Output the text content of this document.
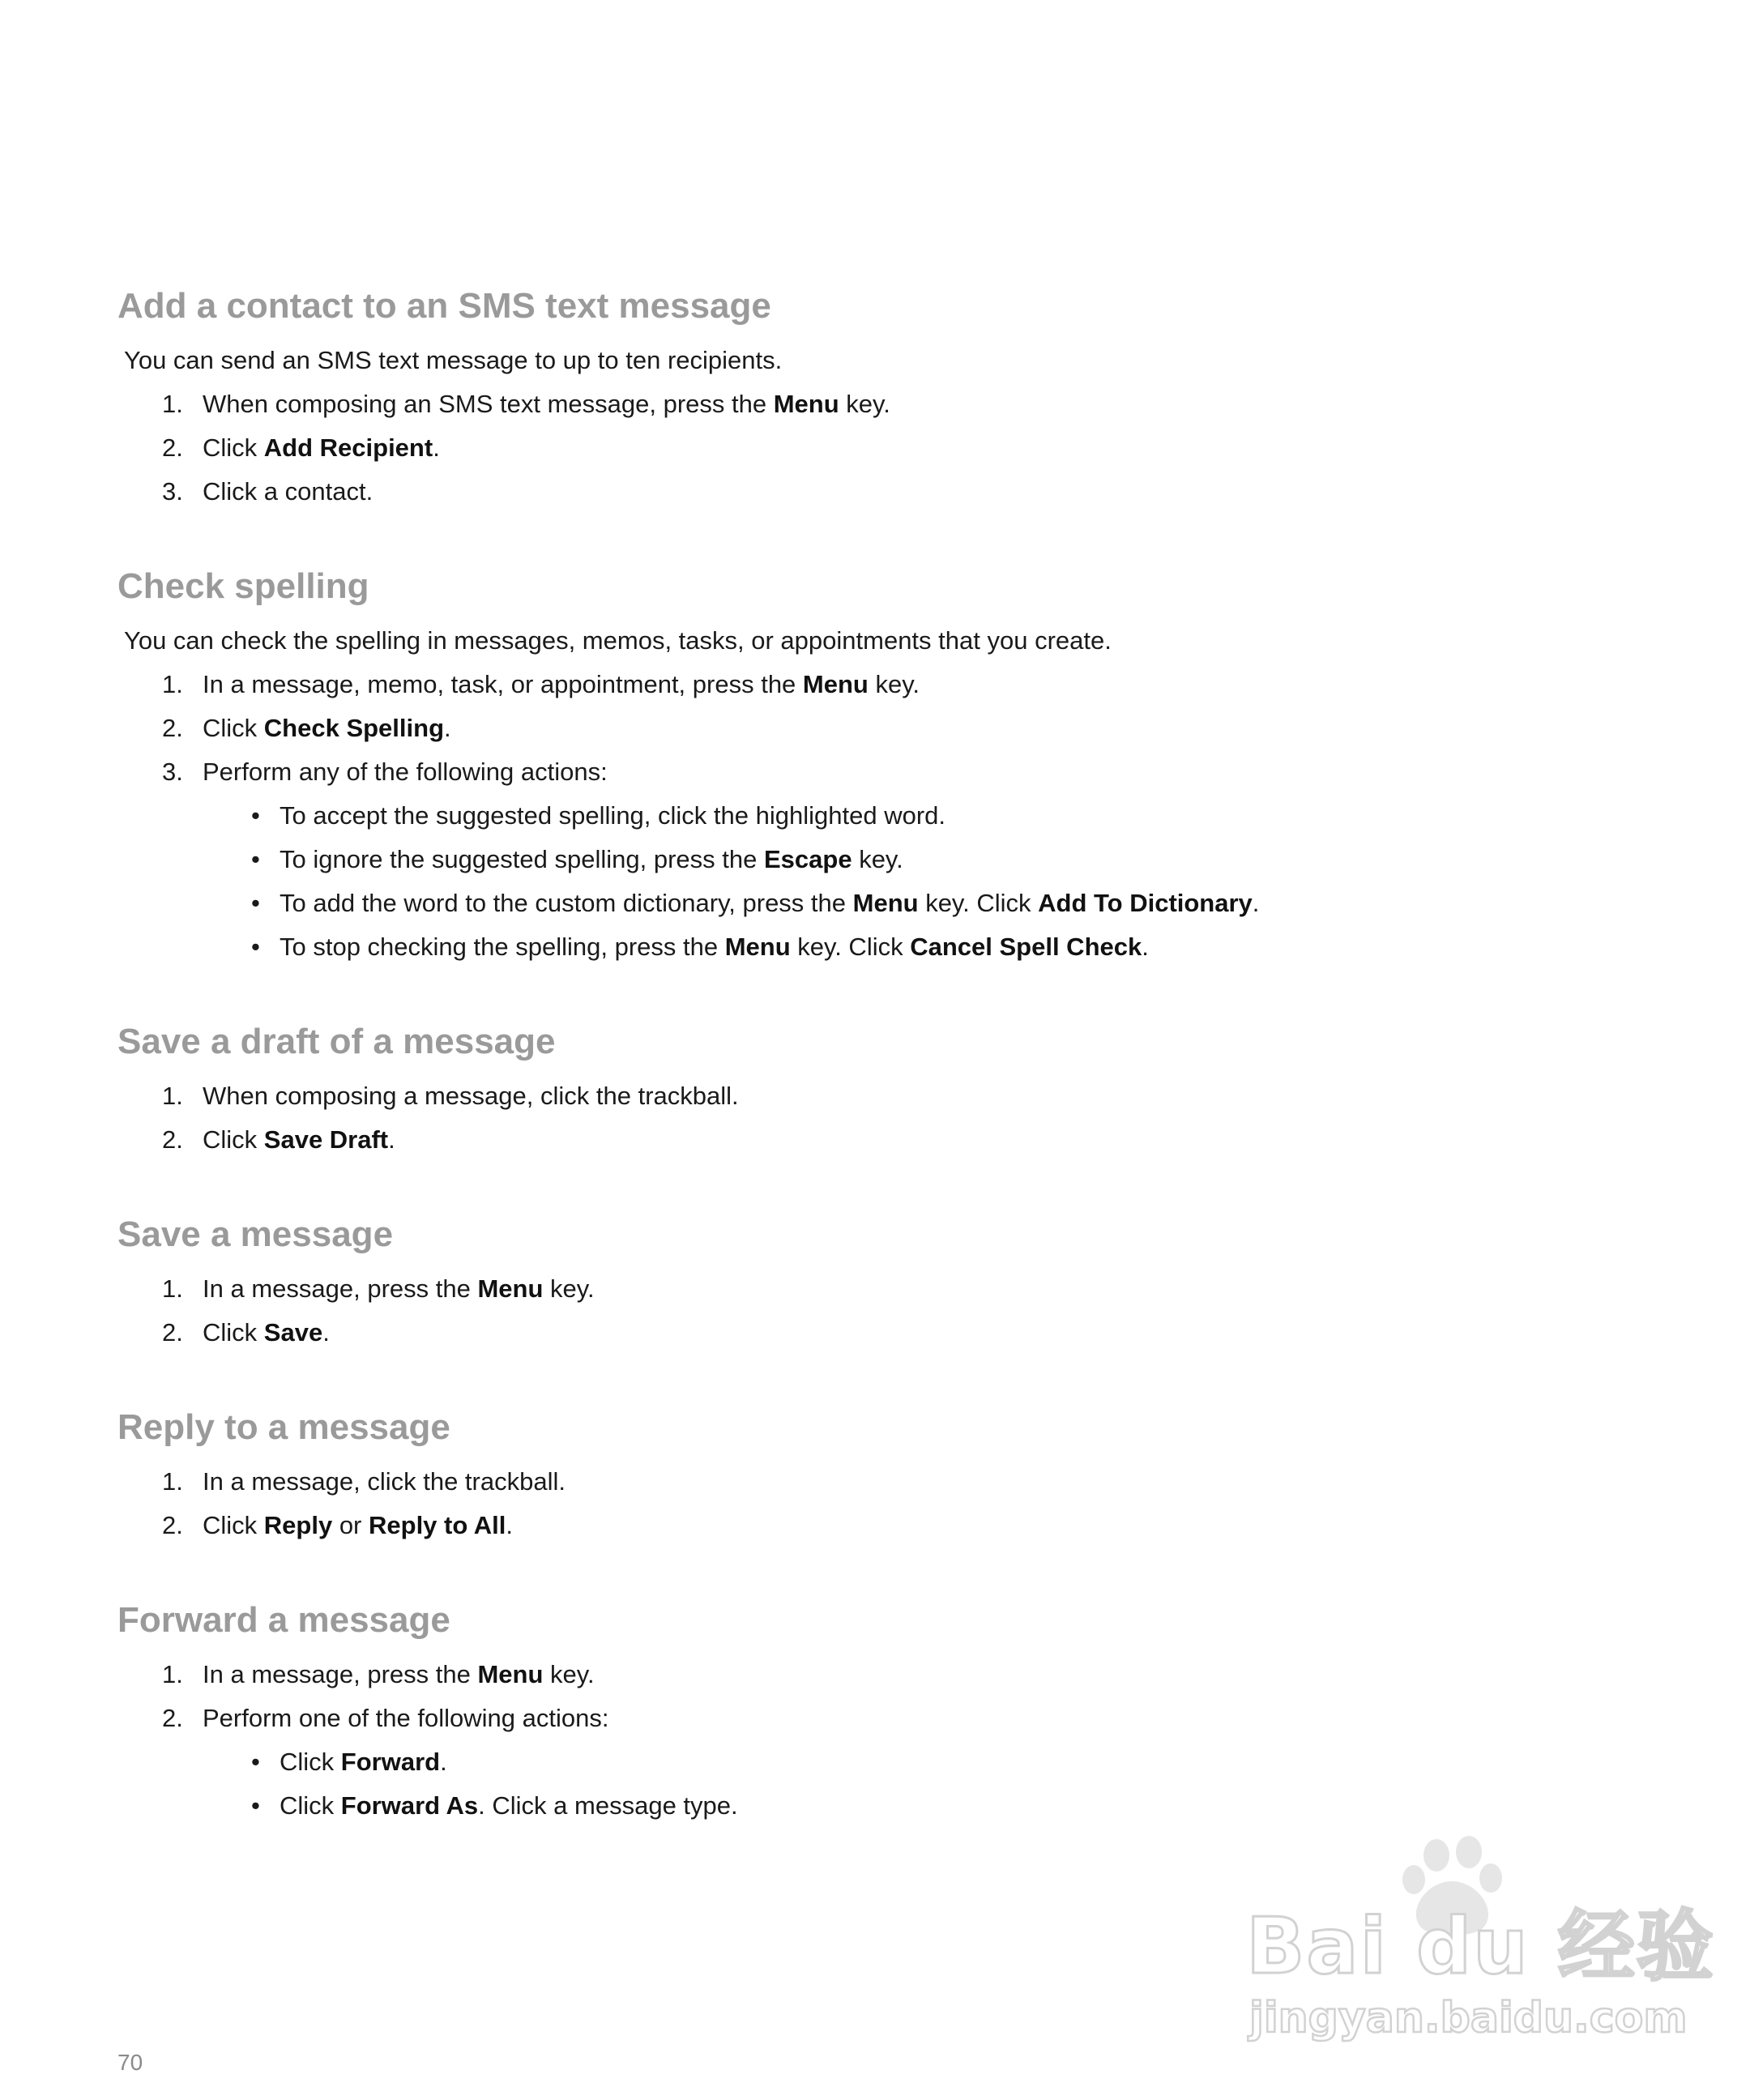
Add a contact to an SMS text message
You can send an SMS text message to up to ten recipients.
1. When composing an SMS text message, press the Menu key.
2. Click Add Recipient.
3. Click a contact.
Check spelling
You can check the spelling in messages, memos, tasks, or appointments that you create.
1. In a message, memo, task, or appointment, press the Menu key.
2. Click Check Spelling.
3. Perform any of the following actions:
• To accept the suggested spelling, click the highlighted word.
• To ignore the suggested spelling, press the Escape key.
• To add the word to the custom dictionary, press the Menu key. Click Add To Dictionary.
• To stop checking the spelling, press the Menu key. Click Cancel Spell Check.
Save a draft of a message
1. When composing a message, click the trackball.
2. Click Save Draft.
Save a message
1. In a message, press the Menu key.
2. Click Save.
Reply to a message
1. In a message, click the trackball.
2. Click Reply or Reply to All.
Forward a message
1. In a message, press the Menu key.
2. Perform one of the following actions:
• Click Forward.
• Click Forward As. Click a message type.
70
Bai du 经验
jingyan.baidu.com
